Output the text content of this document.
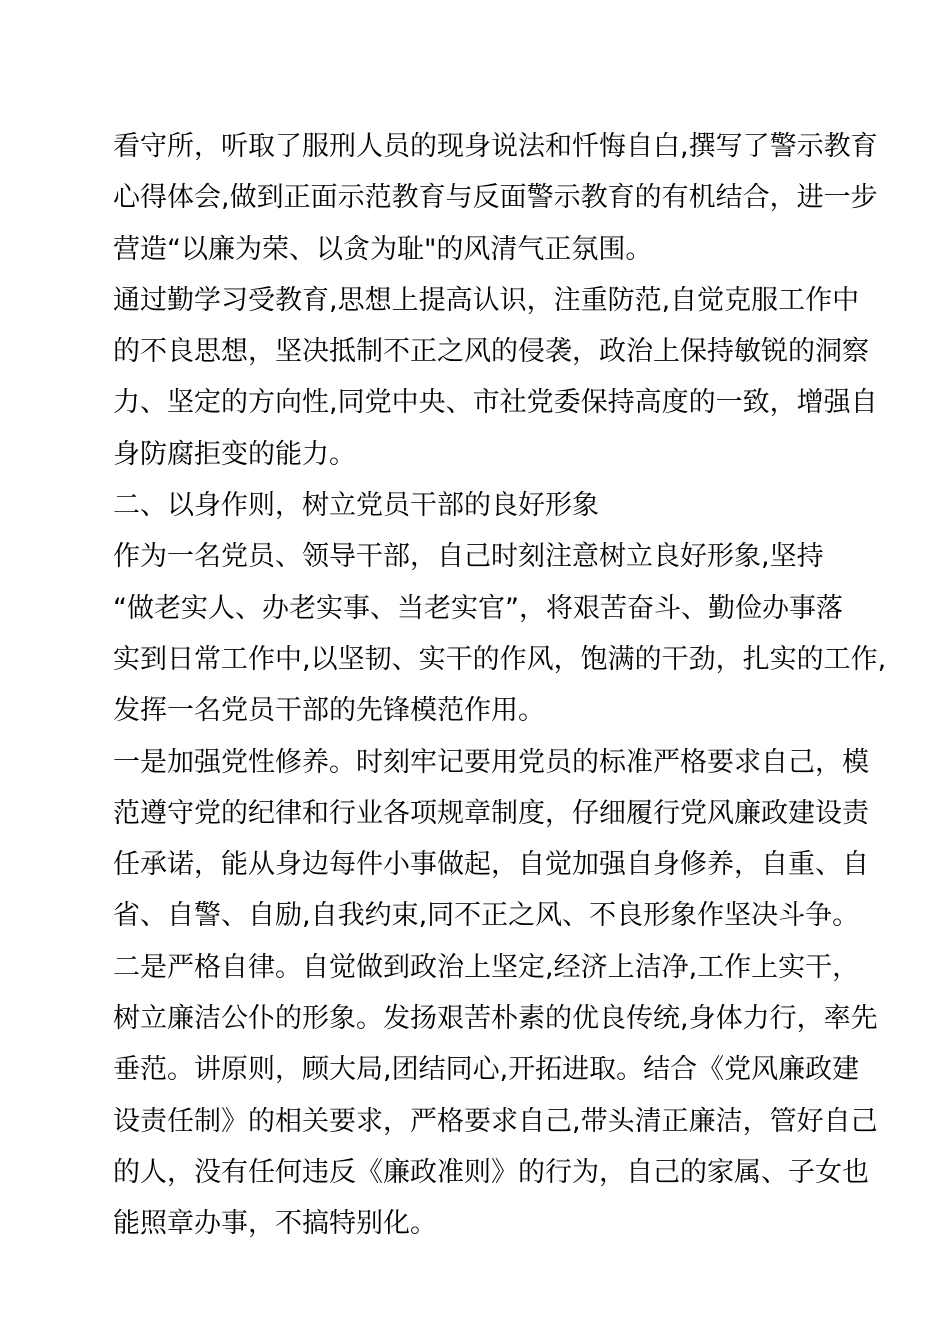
看守所，听取了服刑人员的现身说法和忏悔自白,撰写了警示教育
心得体会,做到正面示范教育与反面警示教育的有机结合，进一步
营造“以廉为荣、以贪为耻"的风清气正氛围。
通过勤学习受教育,思想上提高认识，注重防范,自觉克服工作中
的不良思想，坚决抵制不正之风的侵袭，政治上保持敏锐的洞察
力、坚定的方向性,同党中央、市社党委保持高度的一致，增强自
身防腐拒变的能力。
二、以身作则，树立党员干部的良好形象
作为一名党员、领导干部，自己时刻注意树立良好形象,坚持
“做老实人、办老实事、当老实官”，将艰苦奋斗、勤俭办事落
实到日常工作中,以坚韧、实干的作风，饱满的干劲，扎实的工作,
发挥一名党员干部的先锋模范作用。
一是加强党性修养。时刻牢记要用党员的标准严格要求自己，模
范遵守党的纪律和行业各项规章制度，仔细履行党风廉政建设责
任承诺，能从身边每件小事做起，自觉加强自身修养，自重、自
省、自警、自励,自我约束,同不正之风、不良形象作坚决斗争。
二是严格自律。自觉做到政治上坚定,经济上洁净,工作上实干，
树立廉洁公仆的形象。发扬艰苦朴素的优良传统,身体力行，率先
垂范。讲原则，顾大局,团结同心,开拓进取。结合《党风廉政建
设责任制》的相关要求，严格要求自己,带头清正廉洁，管好自己
的人，没有任何违反《廉政准则》的行为，自己的家属、子女也
能照章办事，不搞特别化。
